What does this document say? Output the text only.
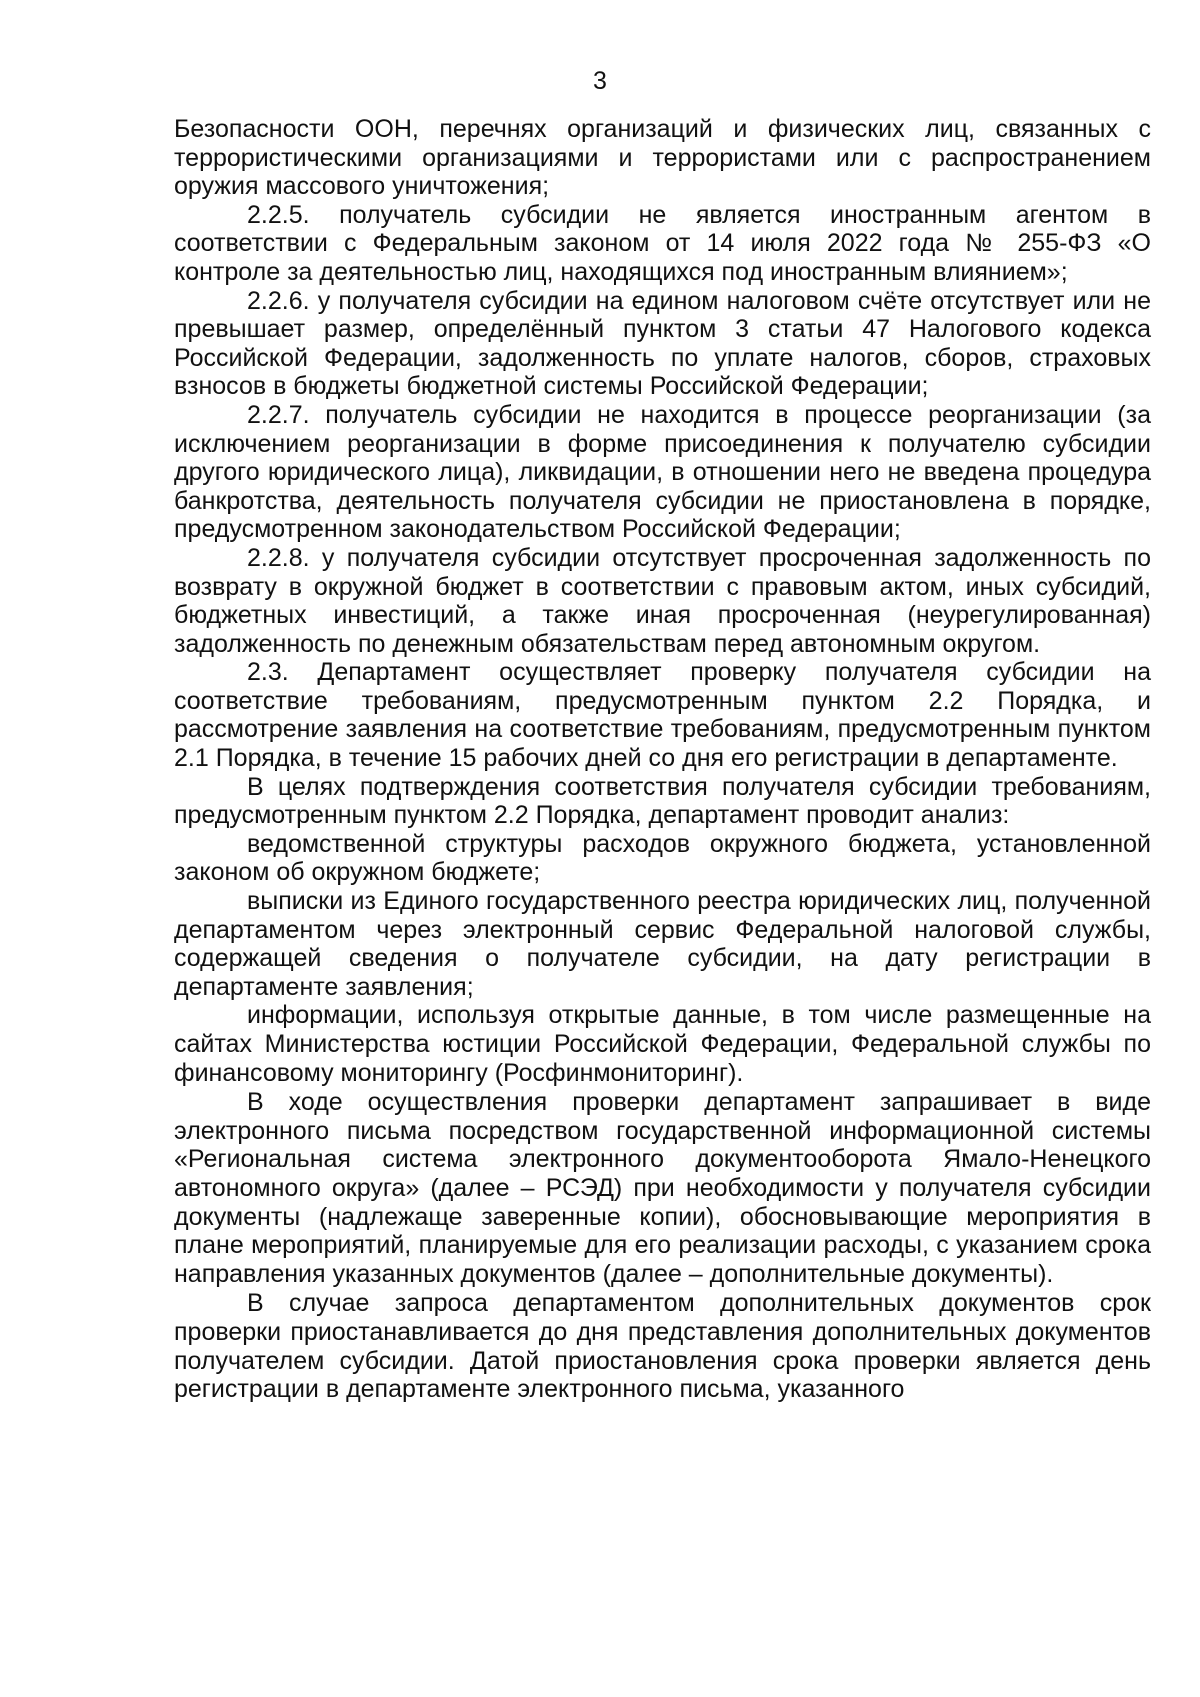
3

Безопасности ООН, перечнях организаций и физических лиц, связанных с террористическими организациями и террористами или с распространением оружия массового уничтожения;

2.2.5. получатель субсидии не является иностранным агентом в соответствии с Федеральным законом от 14 июля 2022 года № 255-ФЗ «О контроле за деятельностью лиц, находящихся под иностранным влиянием»;

2.2.6. у получателя субсидии на едином налоговом счёте отсутствует или не превышает размер, определённый пунктом 3 статьи 47 Налогового кодекса Российской Федерации, задолженность по уплате налогов, сборов, страховых взносов в бюджеты бюджетной системы Российской Федерации;

2.2.7. получатель субсидии не находится в процессе реорганизации (за исключением реорганизации в форме присоединения к получателю субсидии другого юридического лица), ликвидации, в отношении него не введена процедура банкротства, деятельность получателя субсидии не приостановлена в порядке, предусмотренном законодательством Российской Федерации;

2.2.8. у получателя субсидии отсутствует просроченная задолженность по возврату в окружной бюджет в соответствии с правовым актом, иных субсидий, бюджетных инвестиций, а также иная просроченная (неурегулированная) задолженность по денежным обязательствам перед автономным округом.

2.3. Департамент осуществляет проверку получателя субсидии на соответствие требованиям, предусмотренным пунктом 2.2 Порядка, и рассмотрение заявления на соответствие требованиям, предусмотренным пунктом 2.1 Порядка, в течение 15 рабочих дней со дня его регистрации в департаменте.

В целях подтверждения соответствия получателя субсидии требованиям, предусмотренным пунктом 2.2 Порядка, департамент проводит анализ:

ведомственной структуры расходов окружного бюджета, установленной законом об окружном бюджете;

выписки из Единого государственного реестра юридических лиц, полученной департаментом через электронный сервис Федеральной налоговой службы, содержащей сведения о получателе субсидии, на дату регистрации в департаменте заявления;

информации, используя открытые данные, в том числе размещенные на сайтах Министерства юстиции Российской Федерации, Федеральной службы по финансовому мониторингу (Росфинмониторинг).

В ходе осуществления проверки департамент запрашивает в виде электронного письма посредством государственной информационной системы «Региональная система электронного документооборота Ямало-Ненецкого автономного округа» (далее – РСЭД) при необходимости у получателя субсидии документы (надлежаще заверенные копии), обосновывающие мероприятия в плане мероприятий, планируемые для его реализации расходы, с указанием срока направления указанных документов (далее – дополнительные документы).

В случае запроса департаментом дополнительных документов срок проверки приостанавливается до дня представления дополнительных документов получателем субсидии. Датой приостановления срока проверки является день регистрации в департаменте электронного письма, указанного
